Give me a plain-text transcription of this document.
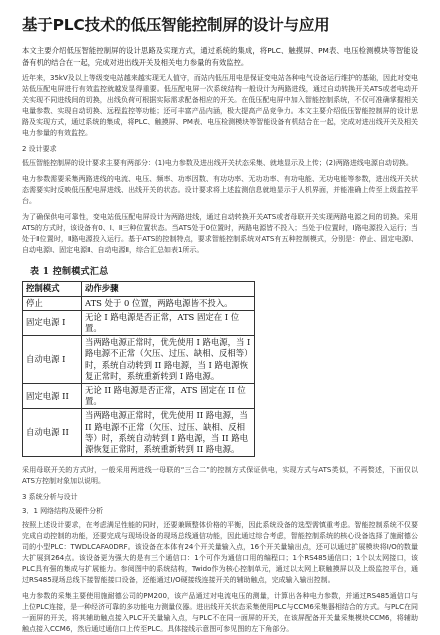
基于PLC技术的低压智能控制屏的设计与应用

本文主要介绍低压智能控制屏的设计思路及实现方式，通过系统的集成，将PLC、触摸屏、PM表、电压检测模块等智能设备有机的结合在一起，完成对进出线开关及相关电力参量的有效监控。

近年来，35kV及以上等级变电站越来越实现无人值守，而站内低压用电是保证变电站各种电气设备运行维护的基础，因此对变电站低压配电屏进行有效监控就越发显得重要。低压配电屏一次系统结构一般设计为两路进线，通过自动转换开关ATS或者电动开关实现不同进线间的切换，出线负荷可根据实际需求配备相应的开关。在低压配电屏中加入智能控制系统，不仅可准确掌握相关电量参数、实现自动切换、远程监控等功能；还可丰富产品内涵，极大提高产品竞争力。本文主要介绍低压智能控制屏的设计思路及实现方式，通过系统的集成，将PLC、触摸屏、PM表、电压检测模块等智能设备有机结合在一起，完成对进出线开关及相关电力参量的有效监控。

2 设计要求

低压智能控制屏的设计要求主要有两部分：(1)电力参数及进出线开关状态采集、就地显示及上传；(2)两路进线电源自动切换。

电力参数需要采集两路进线的电流、电压、频率、功率因数、有功功率、无功功率、有功电能、无功电能等参数，进出线开关状态需要实时反映低压配电屏进线、出线开关的状态。设计要求将上述监测信息就地显示于人机界面，并能准确上传至上级监控平台。

为了确保供电可靠性，变电站低压配电屏设计为两路进线，通过自动转换开关ATS或者母联开关实现两路电源之间的切换。采用ATS的方式时，该设备有0、I、Ⅱ三种位置状态。当ATS处于0位置时，两路电源皆不投入；当处于I位置时，I路电源投入运行；当处于Ⅱ位置时，Ⅱ路电源投入运行。基于ATS的控制特点，要求智能控制系统对ATS有五种控制模式，分别是：停止、固定电源I、自动电源I、固定电源Ⅱ、自动电源Ⅱ，综合汇总如表1所示。

表 1 控制模式汇总
控制模式	动作步骤
停止	ATS 处于 0 位置，两路电源皆不投入。
固定电源 I	无论 I 路电源是否正常，ATS 固定在 I 位置。
自动电源 I	当两路电源正常时，优先使用 I 路电源，当 I 路电源不正常（欠压、过压、缺相、反相等）时，系统自动转到 II 路电源，当 I 路电源恢复正常时，系统重新转到 I 路电源。
固定电源 II	无论 II 路电源是否正常，ATS 固定在 II 位置。
自动电源 II	当两路电源正常时，优先使用 II 路电源，当 II 路电源不正常（欠压、过压、缺相、反相等）时，系统自动转到 I 路电源，当 II 路电源恢复正常时，系统重新转到 II 路电源。

采用母联开关的方式时，一般采用两进线一母联的“三合二”的控制方式保证供电，实现方式与ATS类似，不再赘述，下面仅以ATS方控制对象加以说明。

3 系统分析与设计
3．1 网络结构及硬件分析

按照上述设计要求，在考虑满足性能的同时，还要兼顾整体价格的平衡，因此系统设备的选型需慎重考虑。智能控制系统不仅要完成自动控制的功能，还要完成与现场设备的现场总线通信功能，因此通过综合考虑，智能控制系统的核心设备选择了施耐德公司的小型PLC：TWDLCAFA0DRF。该设备在本体有24个开关量输入点，16个开关量输出点，还可以通过扩展模块将I/O的数量大扩展到264点。该设备更为强大的是有三个通信口：1个可作为通信口用的编程口；1个RS485通信口；1个以太网接口，该PLC具有强的集成与扩展能力。参阅图中的系统结构，Twido作为核心控制单元，通过以太网上联触摸屏以及上级监控平台，通过RS485现场总线下接智能接口设备，还能通过I/O硬接线连接开关的辅助触点，完成输入输出控制。

电力参数的采集主要使用施耐德公司的PM200，该产品通过对电流电压的测量，计算出各种电力参数，并通过RS485通信口与上位PLC连接，是一种经济可靠的多功能电力测量仪器。进出线开关状态采集使用PLC与CCM6采集器相结合的方式。与PLC在同一面屏的开关，将其辅助触点接入PLC开关量输入点，与PLC不在同一面屏的开关，在该屏配备开关量采集模块CCM6，将辅助触点接入CCM6，然后通过通信口上传至PLC。具体接线示意图可参见图的左下角部分。
